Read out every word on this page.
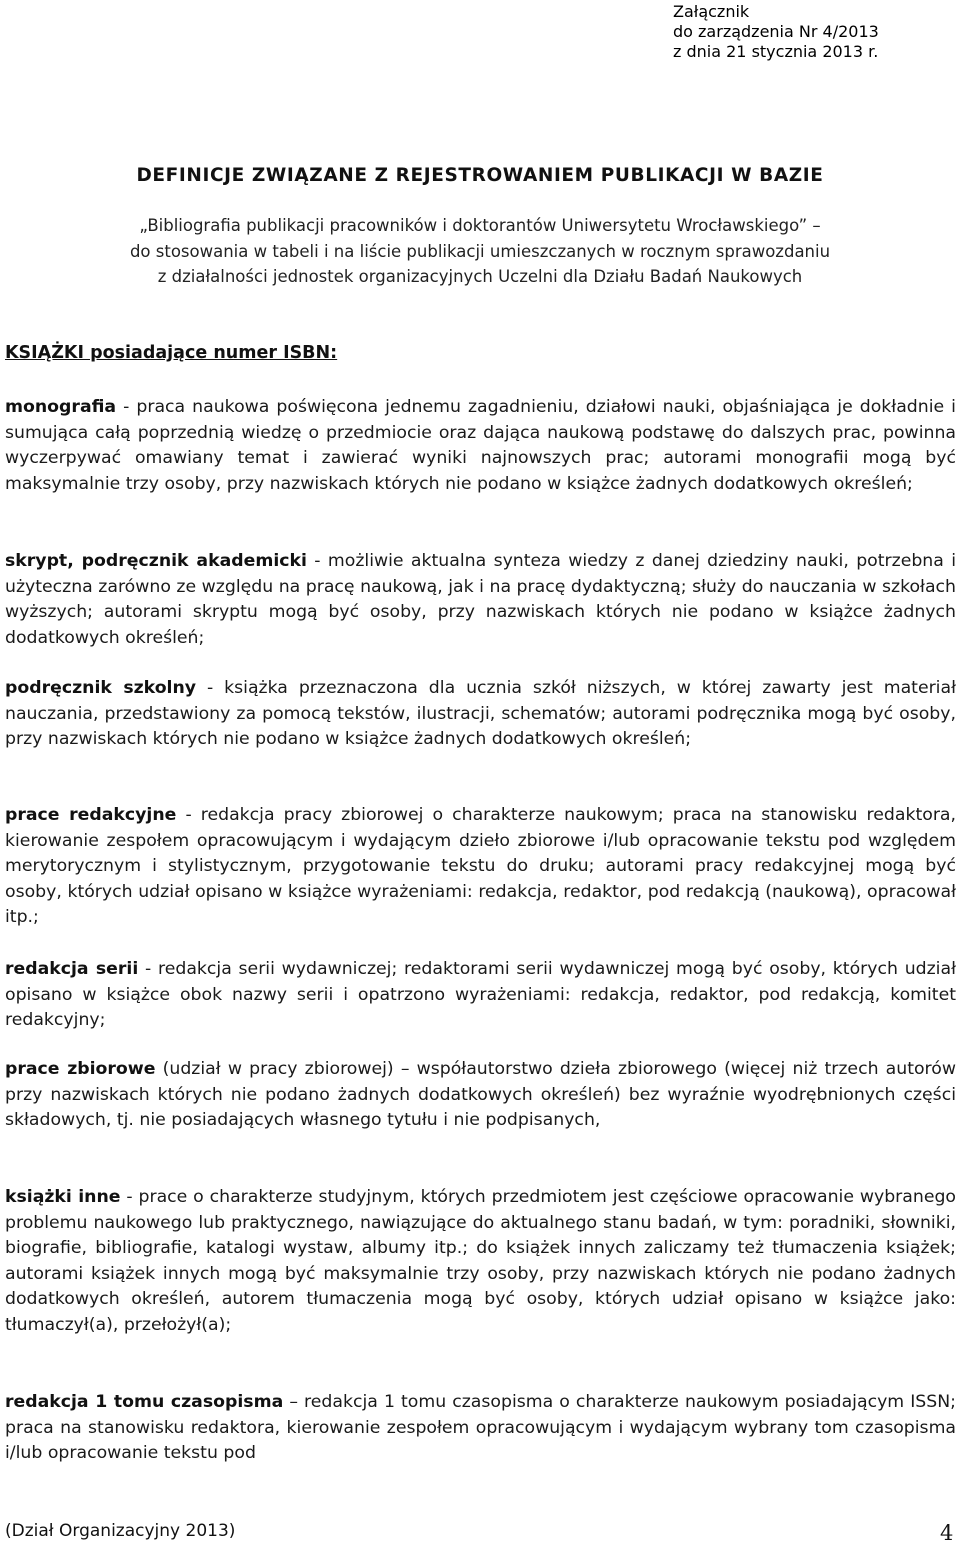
Załącznik
do zarządzenia Nr 4/2013
z dnia 21 stycznia 2013 r.
DEFINICJE ZWIĄZANE Z REJESTROWANIEM PUBLIKACJI W BAZIE
„Bibliografia publikacji pracowników i doktorantów Uniwersytetu Wrocławskiego” –
do stosowania w tabeli i na liście publikacji umieszczanych w rocznym sprawozdaniu
z działalności jednostek organizacyjnych Uczelni dla Działu Badań Naukowych
KSIĄŻKI posiadające numer ISBN:
monografia - praca naukowa poświęcona jednemu zagadnieniu, działowi nauki, objaśniająca je dokładnie i sumująca całą poprzednią wiedzę o przedmiocie oraz dająca naukową podstawę do dalszych prac, powinna wyczerpywać omawiany temat i zawierać wyniki najnowszych prac; autorami monografii mogą być maksymalnie trzy osoby, przy nazwiskach których nie podano w książce żadnych dodatkowych określeń;
skrypt, podręcznik akademicki - możliwie aktualna synteza wiedzy z danej dziedziny nauki, potrzebna i użyteczna zarówno ze względu na pracę naukową, jak i na pracę dydaktyczną; służy do nauczania w szkołach wyższych; autorami skryptu mogą być osoby, przy nazwiskach których nie podano w książce żadnych dodatkowych określeń;
podręcznik szkolny - książka przeznaczona dla ucznia szkół niższych, w której zawarty jest materiał nauczania, przedstawiony za pomocą tekstów, ilustracji, schematów; autorami podręcznika mogą być osoby, przy nazwiskach których nie podano w książce żadnych dodatkowych określeń;
prace redakcyjne - redakcja pracy zbiorowej o charakterze naukowym; praca na stanowisku redaktora, kierowanie zespołem opracowującym i wydającym dzieło zbiorowe i/lub opracowanie tekstu pod względem merytorycznym i stylistycznym, przygotowanie tekstu do druku; autorami pracy redakcyjnej mogą być osoby, których udział opisano w książce wyrażeniami: redakcja, redaktor, pod redakcją (naukową), opracował itp.;
redakcja serii - redakcja serii wydawniczej; redaktorami serii wydawniczej mogą być osoby, których udział opisano w książce obok nazwy serii i opatrzono wyrażeniami: redakcja, redaktor, pod redakcją, komitet redakcyjny;
prace zbiorowe (udział w pracy zbiorowej) – współautorstwo dzieła zbiorowego (więcej niż trzech autorów przy nazwiskach których nie podano żadnych dodatkowych określeń) bez wyraźnie wyodrębnionych części składowych, tj. nie posiadających własnego tytułu i nie podpisanych,
książki inne - prace o charakterze studyjnym, których przedmiotem jest częściowe opracowanie wybranego problemu naukowego lub praktycznego, nawiązujące do aktualnego stanu badań, w tym: poradniki, słowniki, biografie, bibliografie, katalogi wystaw, albumy itp.; do książek innych zaliczamy też tłumaczenia książek; autorami książek innych mogą być maksymalnie trzy osoby, przy nazwiskach których nie podano żadnych dodatkowych określeń, autorem tłumaczenia mogą być osoby, których udział opisano w książce jako: tłumaczył(a), przełożył(a);
redakcja 1 tomu czasopisma – redakcja 1 tomu czasopisma o charakterze naukowym posiadającym ISSN; praca na stanowisku redaktora, kierowanie zespołem opracowującym i wydającym wybrany tom czasopisma i/lub opracowanie tekstu pod
(Dział Organizacyjny 2013)	4
